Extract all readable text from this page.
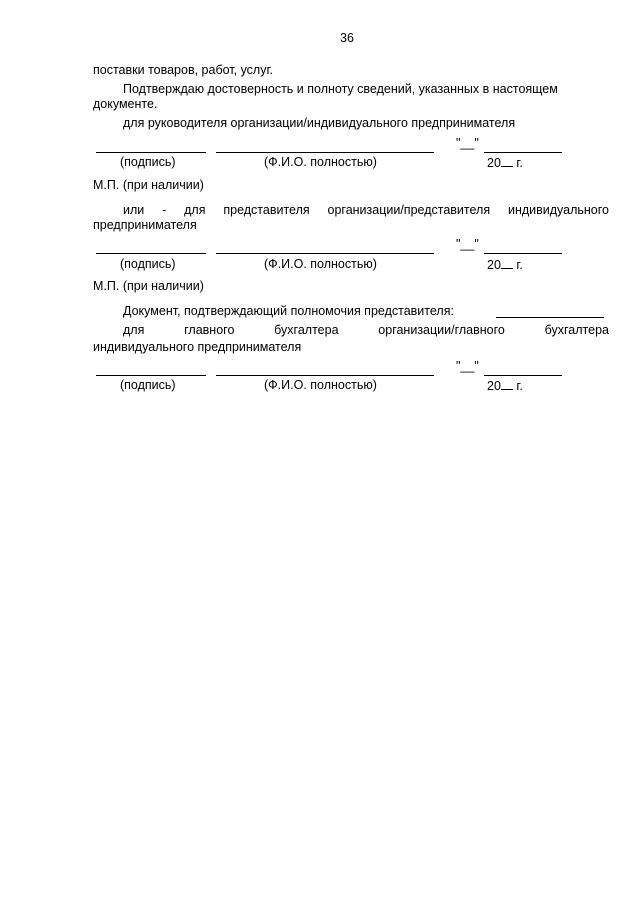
36
поставки товаров, работ, услуг.
Подтверждаю достоверность и полноту сведений, указанных в настоящем
документе.
для руководителя организации/индивидуального предпринимателя
"__"
(подпись)	(Ф.И.О. полностью)	20 г.
М.П. (при наличии)
или - для представителя организации/представителя индивидуального
предпринимателя
"__"
(подпись)	(Ф.И.О. полностью)	20 г.
М.П. (при наличии)
Документ, подтверждающий полномочия представителя:
для главного бухгалтера организации/главного бухгалтера
индивидуального предпринимателя
"__"
(подпись)	(Ф.И.О. полностью)	20 г.
